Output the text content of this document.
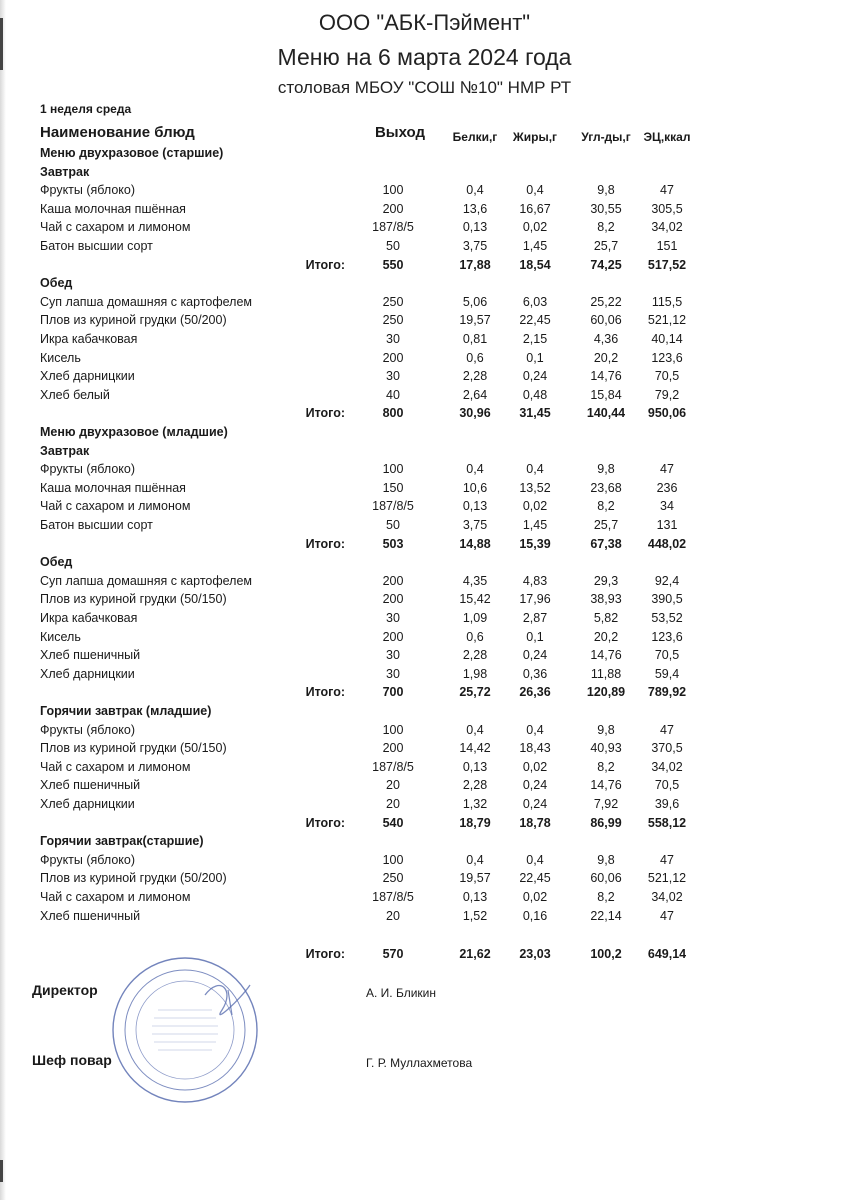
ООО "АБК-Пэймент"
Меню на 6 марта 2024 года
столовая МБОУ "СОШ №10" НМР РТ
1 неделя среда
Наименование блюд	Выход	Белки,г	Жиры,г	Угл-ды,г	ЭЦ,ккал
Меню двухразовое (старшие)
Завтрак
Фрукты (яблоко)	100	0,4	0,4	9,8	47
Каша молочная пшённая	200	13,6	16,67	30,55	305,5
Чай с сахаром и лимоном	187/8/5	0,13	0,02	8,2	34,02
Батон высшии сорт	50	3,75	1,45	25,7	151
Итого:	550	17,88	18,54	74,25	517,52
Обед
Суп лапша домашняя с картофелем	250	5,06	6,03	25,22	115,5
Плов из куриной грудки (50/200)	250	19,57	22,45	60,06	521,12
Икра кабачковая	30	0,81	2,15	4,36	40,14
Кисель	200	0,6	0,1	20,2	123,6
Хлеб дарницкии	30	2,28	0,24	14,76	70,5
Хлеб белый	40	2,64	0,48	15,84	79,2
Итого:	800	30,96	31,45	140,44	950,06
Меню двухразовое (младшие)
Завтрак
Фрукты (яблоко)	100	0,4	0,4	9,8	47
Каша молочная пшённая	150	10,6	13,52	23,68	236
Чай с сахаром и лимоном	187/8/5	0,13	0,02	8,2	34
Батон высшии сорт	50	3,75	1,45	25,7	131
Итого:	503	14,88	15,39	67,38	448,02
Обед
Суп лапша домашняя с картофелем	200	4,35	4,83	29,3	92,4
Плов из куриной грудки (50/150)	200	15,42	17,96	38,93	390,5
Икра кабачковая	30	1,09	2,87	5,82	53,52
Кисель	200	0,6	0,1	20,2	123,6
Хлеб пшеничный	30	2,28	0,24	14,76	70,5
Хлеб дарницкии	30	1,98	0,36	11,88	59,4
Итого:	700	25,72	26,36	120,89	789,92
Горячии завтрак (младшие)
Фрукты (яблоко)	100	0,4	0,4	9,8	47
Плов из куриной грудки (50/150)	200	14,42	18,43	40,93	370,5
Чай с сахаром и лимоном	187/8/5	0,13	0,02	8,2	34,02
Хлеб пшеничный	20	2,28	0,24	14,76	70,5
Хлеб дарницкии	20	1,32	0,24	7,92	39,6
Итого:	540	18,79	18,78	86,99	558,12
Горячии завтрак(старшие)
Фрукты (яблоко)	100	0,4	0,4	9,8	47
Плов из куриной грудки (50/200)	250	19,57	22,45	60,06	521,12
Чай с сахаром и лимоном	187/8/5	0,13	0,02	8,2	34,02
Хлеб пшеничный	20	1,52	0,16	22,14	47
Итого:	570	21,62	23,03	100,2	649,14
Директор	А. И. Бликин
Шеф повар	Г. Р. Муллахметова
